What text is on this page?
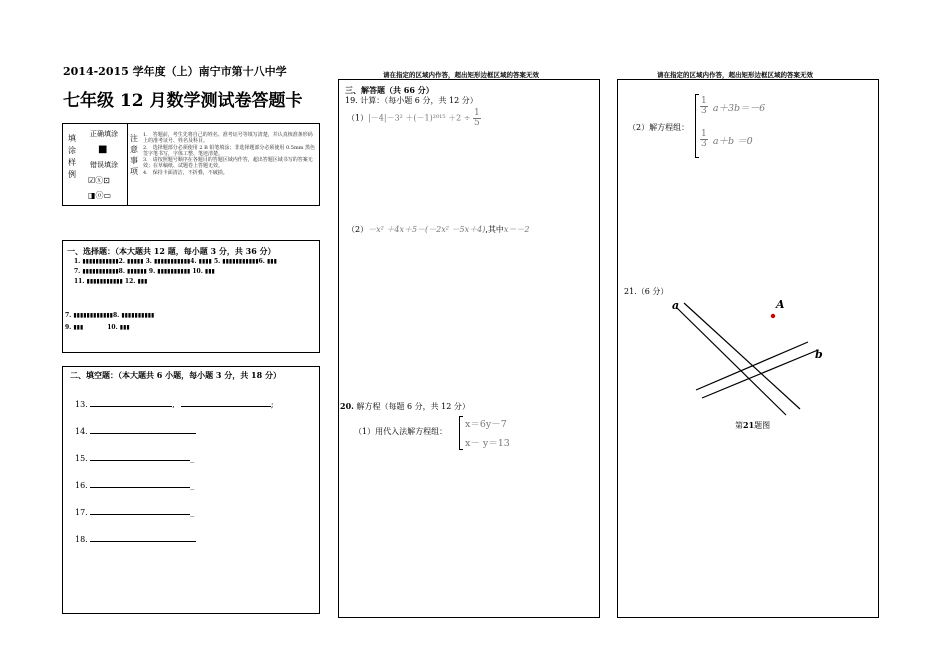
2014-2015 学年度（上）南宁市第十八中学
七年级 12 月数学测试卷答题卡
填
涂
样
例
正确填涂
■
错误填涂
☑ⓧ⊡
◨ⓞ▭
注
意
事
项
1.　答题前，考生先将自己的姓名、准考证号等填写清楚，并认真核准条形码上的准考证号、姓名及科目。
2.　选择题部分必须使用 2 B 铅笔填涂；非选择题部分必须使用 0.5mm 黑色签字笔书写，字体工整、笔迹清楚。
3.　请按照题号顺序在各题目的答题区域内作答，超出答题区域书写的答案无效；在草稿纸、试题卷上答题无效。
4.　保持卡面清洁，不折叠，不破损。
一、选择题：（本大题共 12 题，每小题 3 分，共 36 分）
1. ▮▮▮▮▮▮▮▮▮▮▮2. ▮▮▮▮▮ 3. ▮▮▮▮▮▮▮▮▮▮▮4. ▮▮▮▮ 5. ▮▮▮▮▮▮▮▮▮▮▮6. ▮▮▮
7. ▮▮▮▮▮▮▮▮▮▮▮8. ▮▮▮▮▮▮ 9. ▮▮▮▮▮▮▮▮▮▮ 10. ▮▮▮
11. ▮▮▮▮▮▮▮▮▮▮▮ 12. ▮▮▮
7. ▮▮▮▮▮▮▮▮▮▮▮▮8. ▮▮▮▮▮▮▮▮▮▮
9. ▮▮▮　　　　10. ▮▮▮
二、填空题：（本大题共 6 小题，每小题 3 分，共 18 分）
13.	,	;
14.
15.	_
16.	_
17.	_
18.
请在指定的区域内作答，超出矩形边框区域的答案无效
三、解答题（共 66 分）
19. 计算：（每小题 6 分，共 12 分）
$(1)|-4|-3^2 +(-1)^{2015} +2 \div \frac{1}{5}$
（2）－x² ＋4x＋5－(－2x² －5x＋4),其中x＝－2
20. 解方程（每题 6 分，共 12 分）
（1）用代入法解方程组：
x＝6y－7
x－ y＝13
请在指定的区域内作答，超出矩形边框区域的答案无效
（2）解方程组：
$\frac{1}{3} a+3b=-6$
$\frac{1}{3} a+b =0$
21.（6 分）
a	A
b
第21题图
